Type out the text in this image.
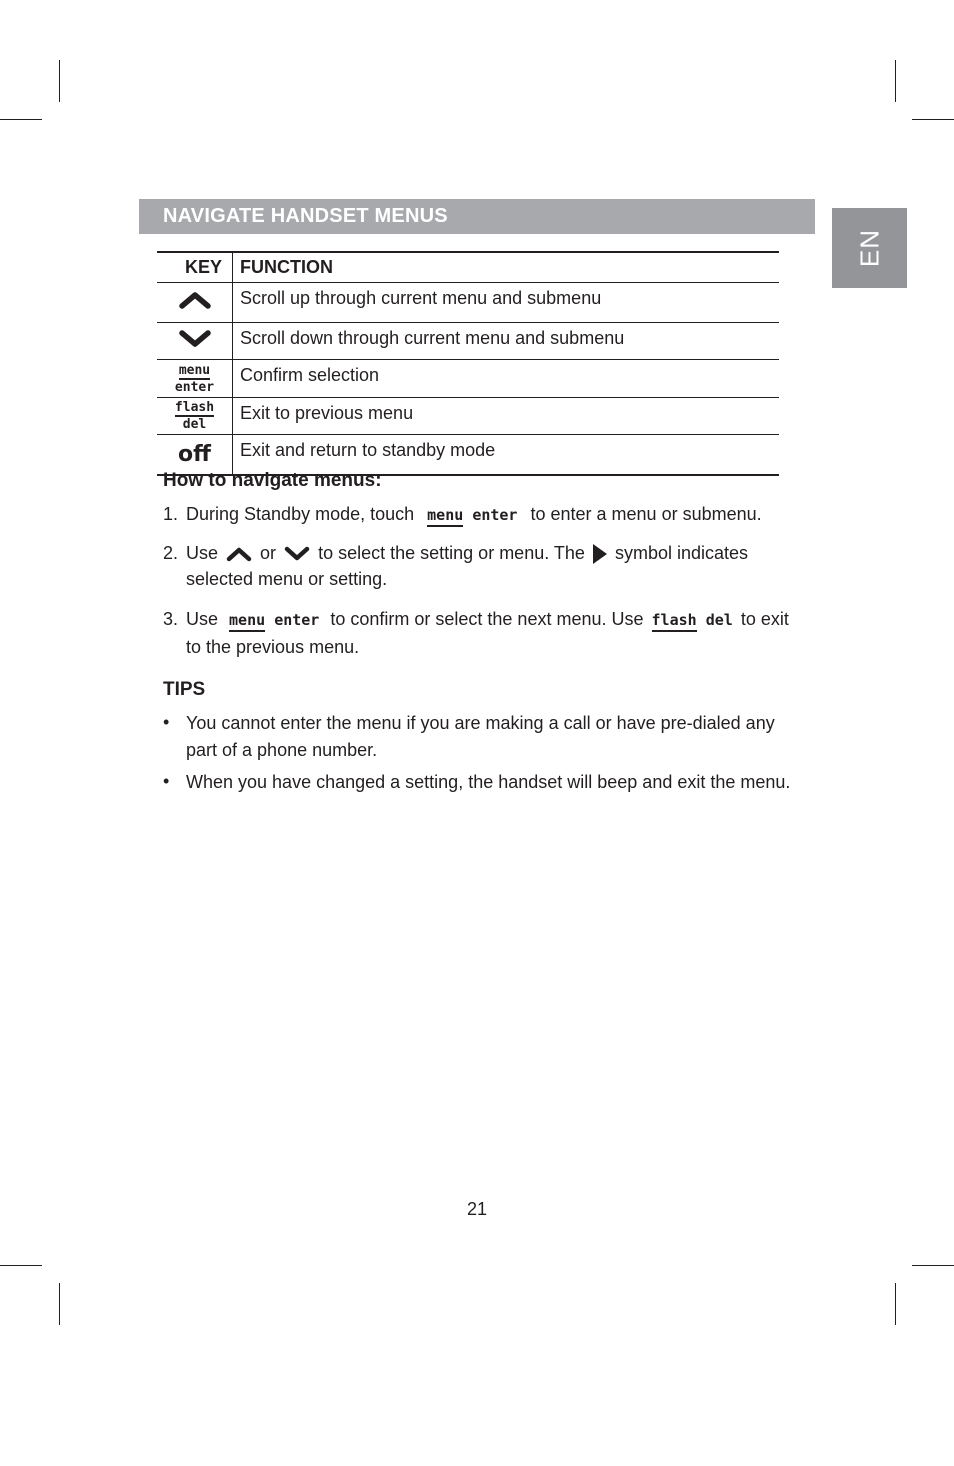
NAVIGATE HANDSET MENUS
EN
KEY	FUNCTION
	Scroll up through current menu and submenu
	Scroll down through current menu and submenu

menu
enter	Confirm selection

flash
del	Exit to previous menu
off	Exit and return to standby mode
How to navigate menus:
1. During Standby mode, touch menu enter to enter a menu or submenu.
2. Use or to select the setting or menu. The symbol indicates selected menu or setting.
3. Use menu enter to confirm or select the next menu. Use flash del to exit to the previous menu.
TIPS
• You cannot enter the menu if you are making a call or have pre-dialed any part of a phone number.
• When you have changed a setting, the handset will beep and exit the menu.
21
